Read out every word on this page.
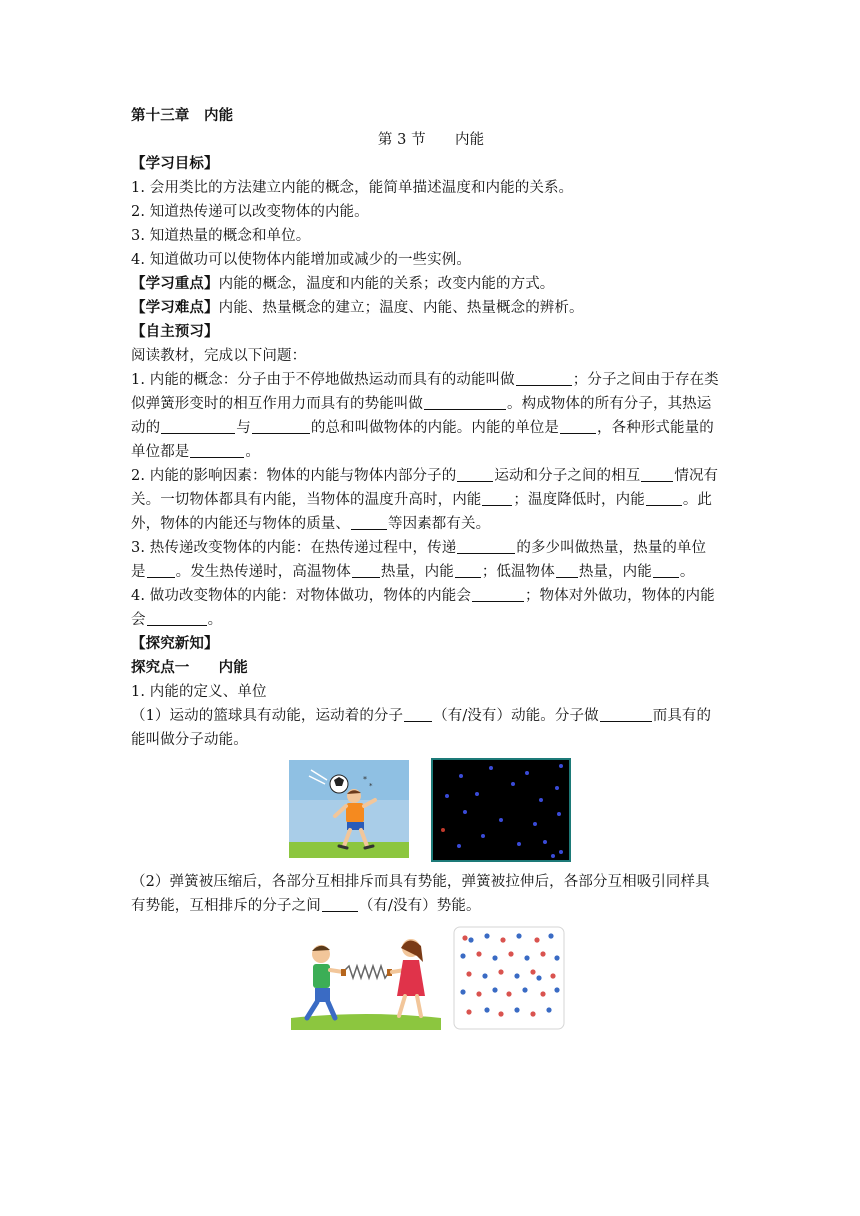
第十三章　内能
第 3 节　　内能
【学习目标】
1. 会用类比的方法建立内能的概念，能简单描述温度和内能的关系。
2. 知道热传递可以改变物体的内能。
3. 知道热量的概念和单位。
4. 知道做功可以使物体内能增加或减少的一些实例。
【学习重点】内能的概念，温度和内能的关系；改变内能的方式。
【学习难点】内能、热量概念的建立；温度、内能、热量概念的辨析。
【自主预习】
阅读教材，完成以下问题：
1. 内能的概念：分子由于不停地做热运动而具有的动能叫做	；分子之间由于存在类
似弹簧形变时的相互作用力而具有的势能叫做	。构成物体的所有分子，其热运
动的	与	的总和叫做物体的内能。内能的单位是	，各种形式能量的
单位都是	。
2. 内能的影响因素：物体的内能与物体内部分子的	运动和分子之间的相互 情况有
关。一切物体都具有内能，当物体的温度升高时，内能 ；温度降低时，内能	。此
外，物体的内能还与物体的质量、	等因素都有关。
3. 热传递改变物体的内能：在热传递过程中，传递	的多少叫做热量，热量的单位
是 。发生热传递时，高温物体 热量，内能 ；低温物体 热量，内能 。
4. 做功改变物体的内能：对物体做功，物体的内能会	；物体对外做功，物体的内能
会	。
【探究新知】
探究点一　　内能
1. 内能的定义、单位
（1）运动的篮球具有动能，运动着的分子 （有/没有）动能。分子做	而具有的
能叫做分子动能。
*
*
（2）弹簧被压缩后，各部分互相排斥而具有势能，弹簧被拉伸后，各部分互相吸引同样具
有势能，互相排斥的分子之间	（有/没有）势能。
